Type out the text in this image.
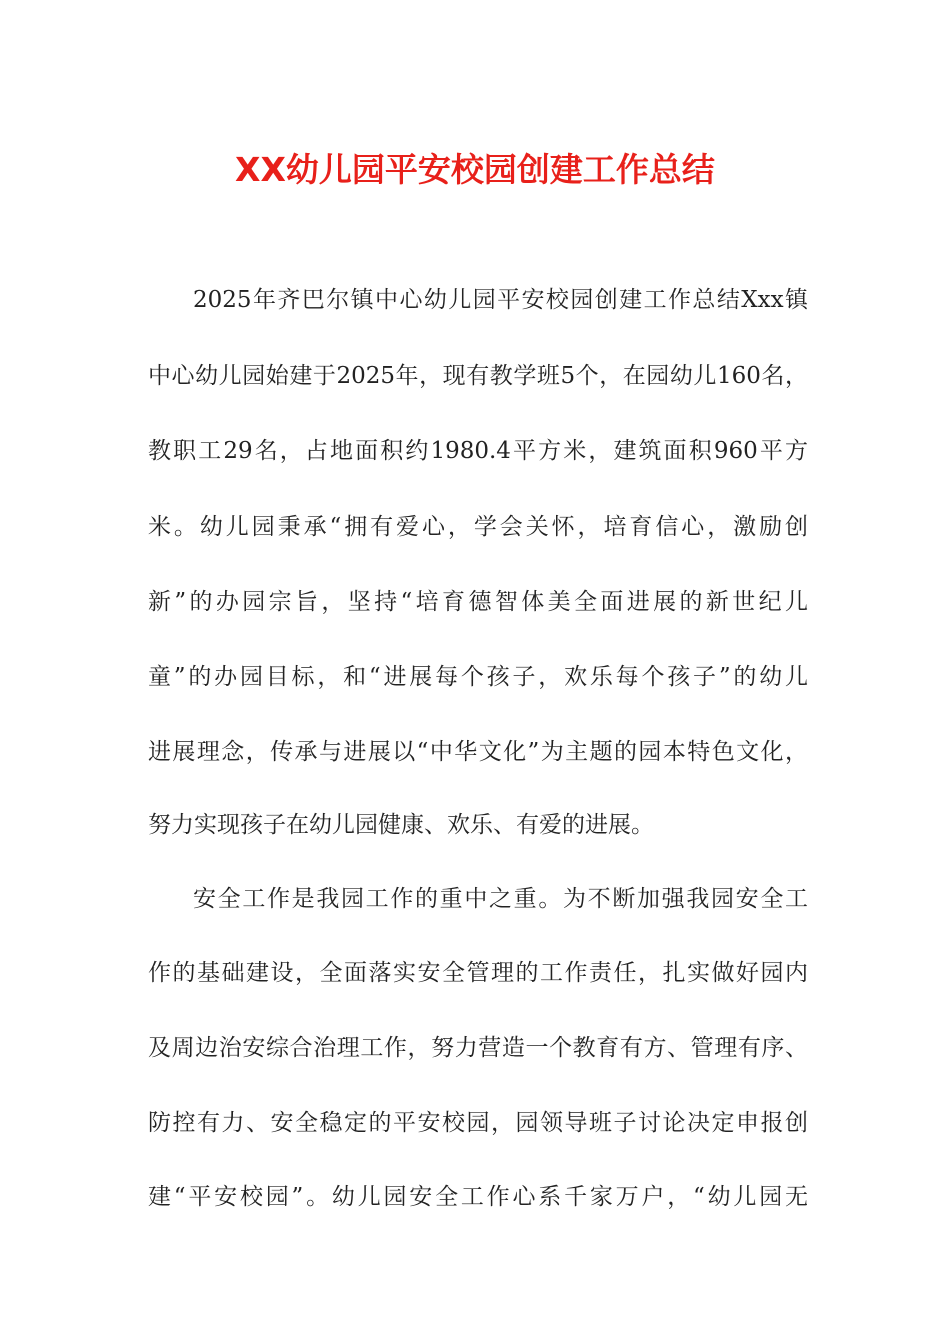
XX幼儿园平安校园创建工作总结
2025年齐巴尔镇中心幼儿园平安校园创建工作总结Xxx镇
中心幼儿园始建于2025年，现有教学班5个，在园幼儿160名，
教职工29名，占地面积约1980.4平方米，建筑面积960平方
米。幼儿园秉承“拥有爱心，学会关怀，培育信心，激励创
新”的办园宗旨，坚持“培育德智体美全面进展的新世纪儿
童”的办园目标，和“进展每个孩子，欢乐每个孩子”的幼儿
进展理念，传承与进展以“中华文化”为主题的园本特色文化，
努力实现孩子在幼儿园健康、欢乐、有爱的进展。
安全工作是我园工作的重中之重。为不断加强我园安全工
作的基础建设，全面落实安全管理的工作责任，扎实做好园内
及周边治安综合治理工作，努力营造一个教育有方、管理有序、
防控有力、安全稳定的平安校园，园领导班子讨论决定申报创
建“平安校园”。幼儿园安全工作心系千家万户，“幼儿园无
